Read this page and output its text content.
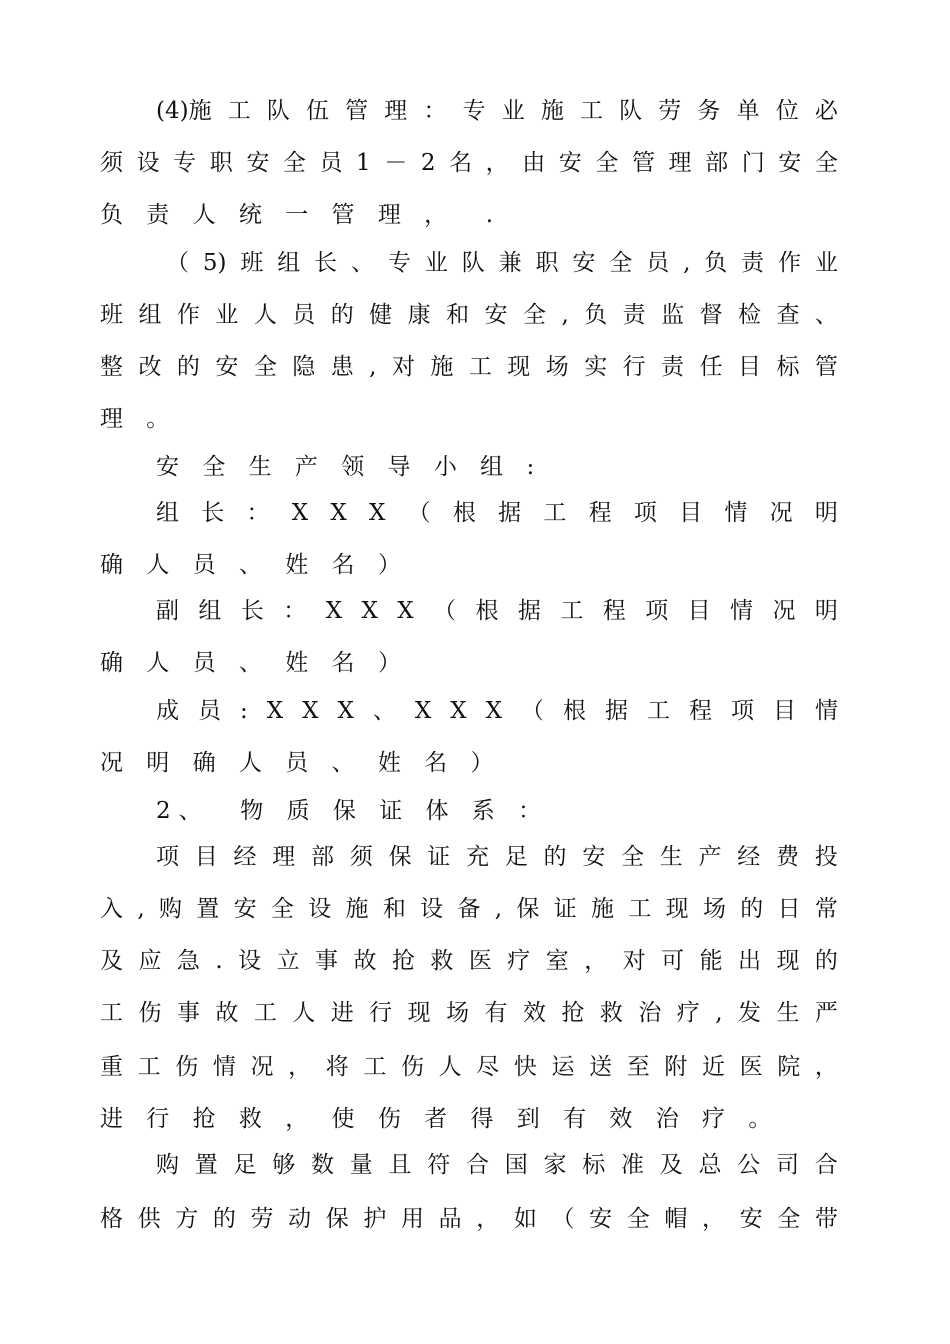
(4)施 工 队 伍 管 理 ： 专 业 施 工 队 劳 务 单 位 必
须 设 专 职 安 全 员 1 － 2 名 ， 由 安 全 管 理 部 门 安 全
负 责 人 统 一 管 理 ，  .
（ 5) 班 组 长 、 专 业 队 兼 职 安 全 员 , 负 责 作 业
班 组 作 业 人 员 的 健 康 和 安 全 , 负 责 监 督 检 查 、
整 改 的 安 全 隐 患 , 对 施 工 现 场 实 行 责 任 目 标 管
理 。
安 全 生 产 领 导 小 组 :
组 长 ： X X X （ 根 据 工 程 项 目 情 况 明
确 人 员 、 姓 名 ）
副 组 长 ： X X X （ 根 据 工 程 项 目 情 况 明
确 人 员 、 姓 名 ）
成 员 : X X X 、 X X X （ 根 据 工 程 项 目 情
况 明 确 人 员 、 姓 名 ）
2、  物 质 保 证 体 系 ：
项 目 经 理 部 须 保 证 充 足 的 安 全 生 产 经 费 投
入 , 购 置 安 全 设 施 和 设 备 , 保 证 施 工 现 场 的 日 常
及 应 急 . 设 立 事 故 抢 救 医 疗 室 ， 对 可 能 出 现 的
工 伤 事 故 工 人 进 行 现 场 有 效 抢 救 治 疗 , 发 生 严
重 工 伤 情 况 ， 将 工 伤 人 尽 快 运 送 至 附 近 医 院 ，
进 行 抢 救 ， 使 伤 者 得 到 有 效 治 疗 。
购 置 足 够 数 量 且 符 合 国 家 标 准 及 总 公 司 合
格 供 方 的 劳 动 保 护 用 品 ， 如 （ 安 全 帽 ， 安 全 带
